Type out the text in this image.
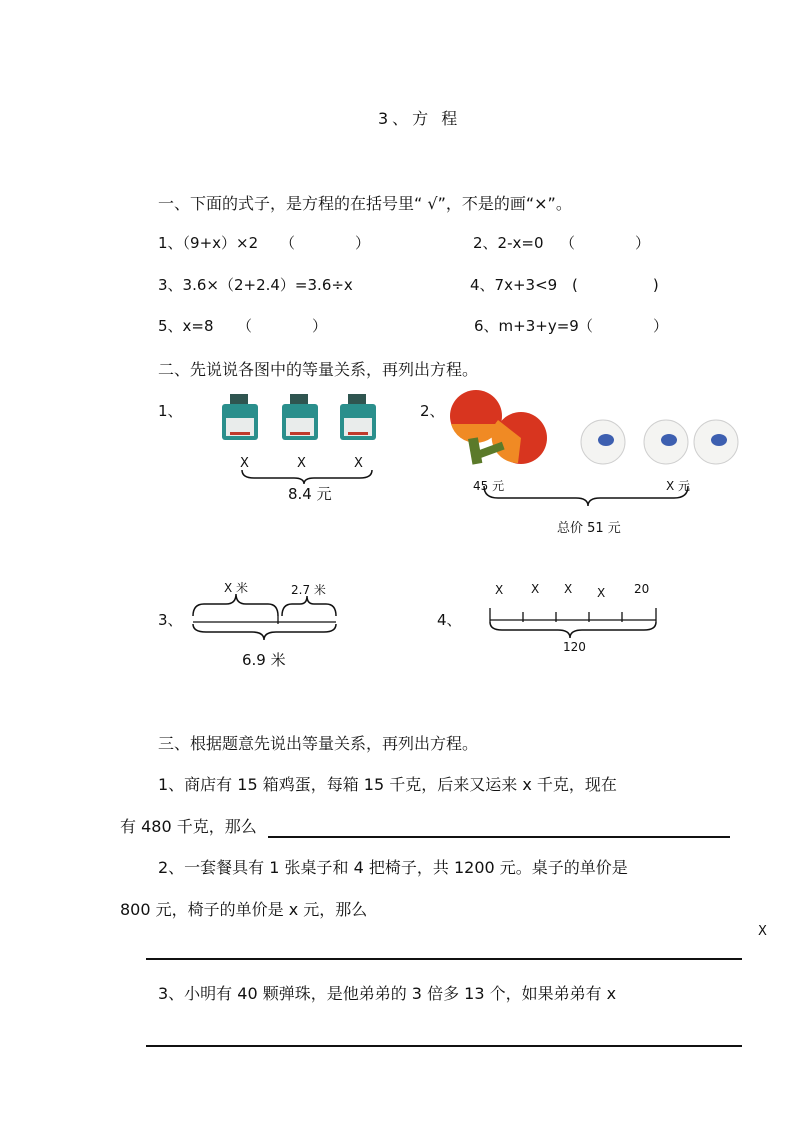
3、方 程
一、下面的式子，是方程的在括号里“ √”，不是的画“×”。
1、（9+x）×2 （　　　　）	2、2-x=0 （　　　　）
3、3.6×（2+2.4）=3.6÷x	4、7x+3<9 (　　　　　)
5、x=8 （　　　　）	6、m+3+y=9 （　　　　）
二、先说说各图中的等量关系，再列出方程。
1、
X	X	X
8.4 元
2、
45 元	X 元
总价 51 元
3、
X 米	2.7 米
6.9 米
4、
X X X X 20
120
三、根据题意先说出等量关系，再列出方程。
1、商店有 15 箱鸡蛋，每箱 15 千克，后来又运来 x 千克，现在
有 480 千克，那么
2、一套餐具有 1 张桌子和 4 把椅子，共 1200 元。桌子的单价是
800 元，椅子的单价是 x 元，那么
X
3、小明有 40 颗弹珠，是他弟弟的 3 倍多 13 个，如果弟弟有 x
